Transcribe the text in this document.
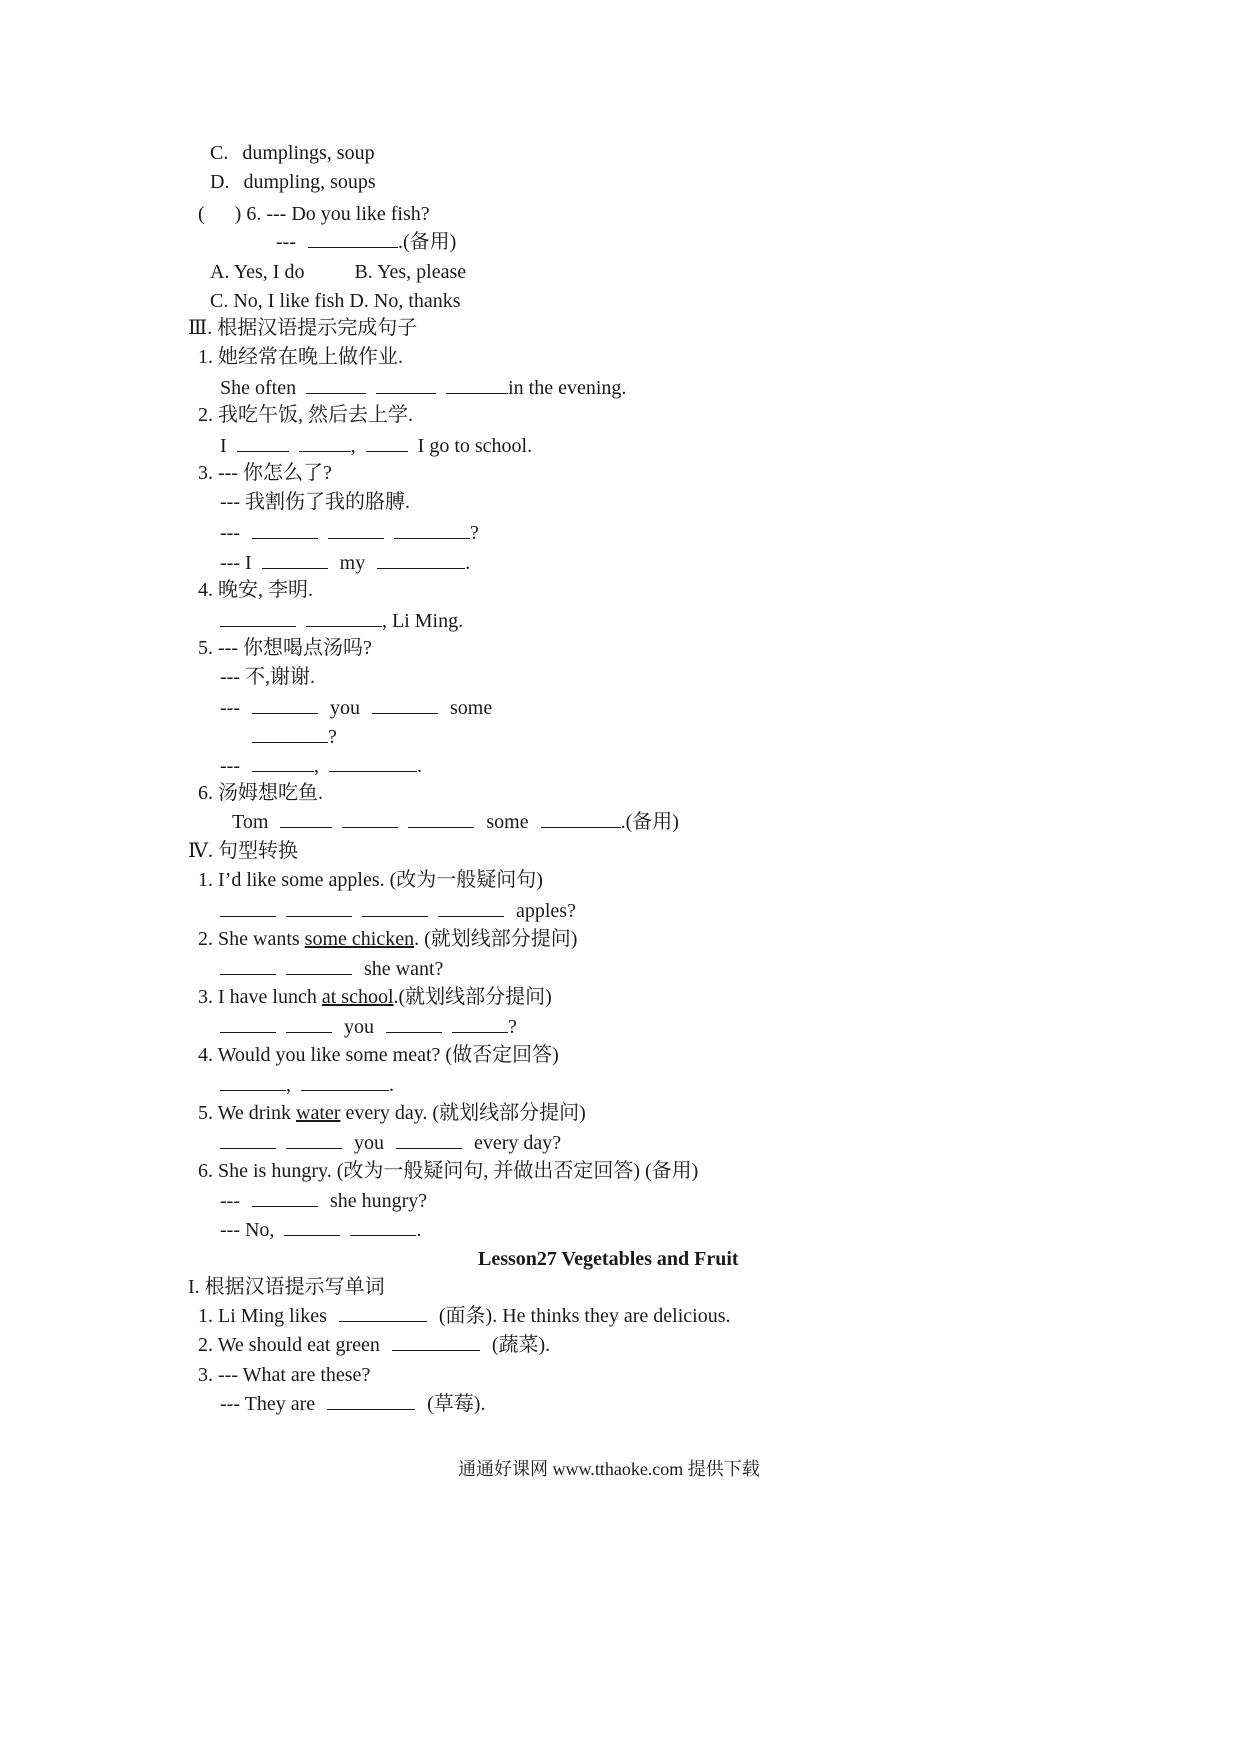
C. dumplings, soup
D. dumpling, soups
( ) 6. --- Do you like fish?
---	.(备用)
A. Yes, I do	B. Yes, please
C. No, I like fish D. No, thanks
Ⅲ. 根据汉语提示完成句子
1. 她经常在晚上做作业.
She often	in the evening.
2. 我吃午饭, 然后去上学.
I	,	I go to school.
3. --- 你怎么了?
--- 我割伤了我的胳膊.
---	?
--- I	my	.
4. 晚安, 李明.
, Li Ming.
5. --- 你想喝点汤吗?
--- 不,谢谢.
---	you	some
?
---	,	.
6. 汤姆想吃鱼.
Tom	some	.(备用)
Ⅳ. 句型转换
1. I’d like some apples. (改为一般疑问句)
apples?
2. She wants some chicken. (就划线部分提问)
she want?
3. I have lunch at school.(就划线部分提问)
you	?
4. Would you like some meat? (做否定回答)
,	.
5. We drink water every day. (就划线部分提问)
you	every day?
6. She is hungry. (改为一般疑问句, 并做出否定回答) (备用)
---	she hungry?
--- No,	.
Lesson27 Vegetables and Fruit
I. 根据汉语提示写单词
1. Li Ming likes	(面条). He thinks they are delicious.
2. We should eat green	(蔬菜).
3. --- What are these?
--- They are	(草莓).
通通好课网 www.tthaoke.com 提供下载
